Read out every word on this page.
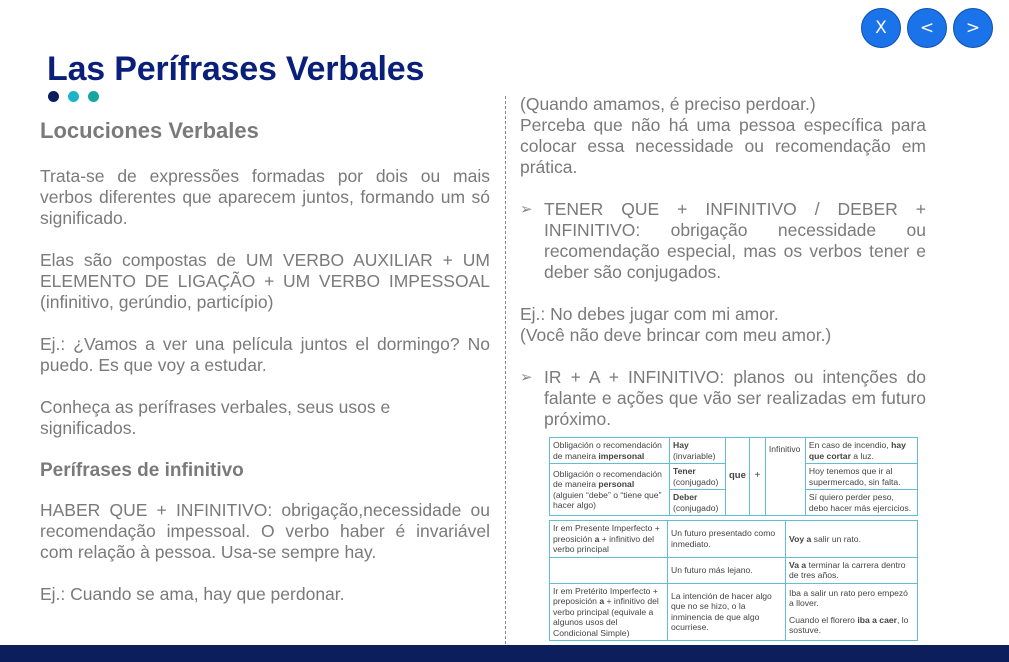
X	<	>
Las Perífrases Verbales
Locuciones Verbales

Trata-se de expressões formadas por dois ou mais verbos diferentes que aparecem juntos, formando um só significado.

Elas são compostas de UM VERBO AUXILIAR + UM ELEMENTO DE LIGAÇÃO + UM VERBO IMPESSOAL (infinitivo, gerúndio, particípio)

Ej.: ¿Vamos a ver una película juntos el dormingo? No puedo. Es que voy a estudar.

Conheça as perífrases verbales, seus usos e significados.

Perífrases de infinitivo

HABER QUE + INFINITIVO: obrigação,necessidade ou recomendação impessoal. O verbo haber é invariável com relação à pessoa. Usa-se sempre hay.

Ej.: Cuando se ama, hay que perdonar.

(Quando amamos, é preciso perdoar.)

Perceba que não há uma pessoa específica para colocar essa necessidade ou recomendação em prática.

➢ TENER QUE + INFINITIVO / DEBER + INFINITIVO: obrigação necessidade ou recomendação especial, mas os verbos tener e deber são conjugados.

Ej.: No debes jugar com mi amor.

(Você não deve brincar com meu amor.)

➢ IR + A + INFINITIVO: planos ou intenções do falante e ações que vão ser realizadas em futuro próximo.
Obligación o recomendación de maneira impersonal	Hay (invariable)	que	+	Infinitivo	En caso de incendio, hay que cortar a luz.
Obligación o recomendación de maneira personal (alguien “debe” o “tiene que” hacer algo)	Tener (conjugado)				Hoy tenemos que ir al supermercado, sin falta.
	Deber (conjugado)				Sí quiero perder peso, debo hacer más ejercicios.
Ir em Presente Imperfecto + preosición a + infinitivo del verbo principal	Un futuro presentado como inmediato.	Voy a salir un rato.
	Un futuro más lejano.	Va a terminar la carrera dentro de tres años.
Ir em Pretérito Imperfecto + preposición a + infinitivo del verbo principal (equivale a algunos usos del Condicional Simple)	La intención de hacer algo que no se hizo, o la inminencia de que algo ocurriese.	Iba a salir un rato pero empezó a llover.
Cuando el florero iba a caer, lo sostuve.
